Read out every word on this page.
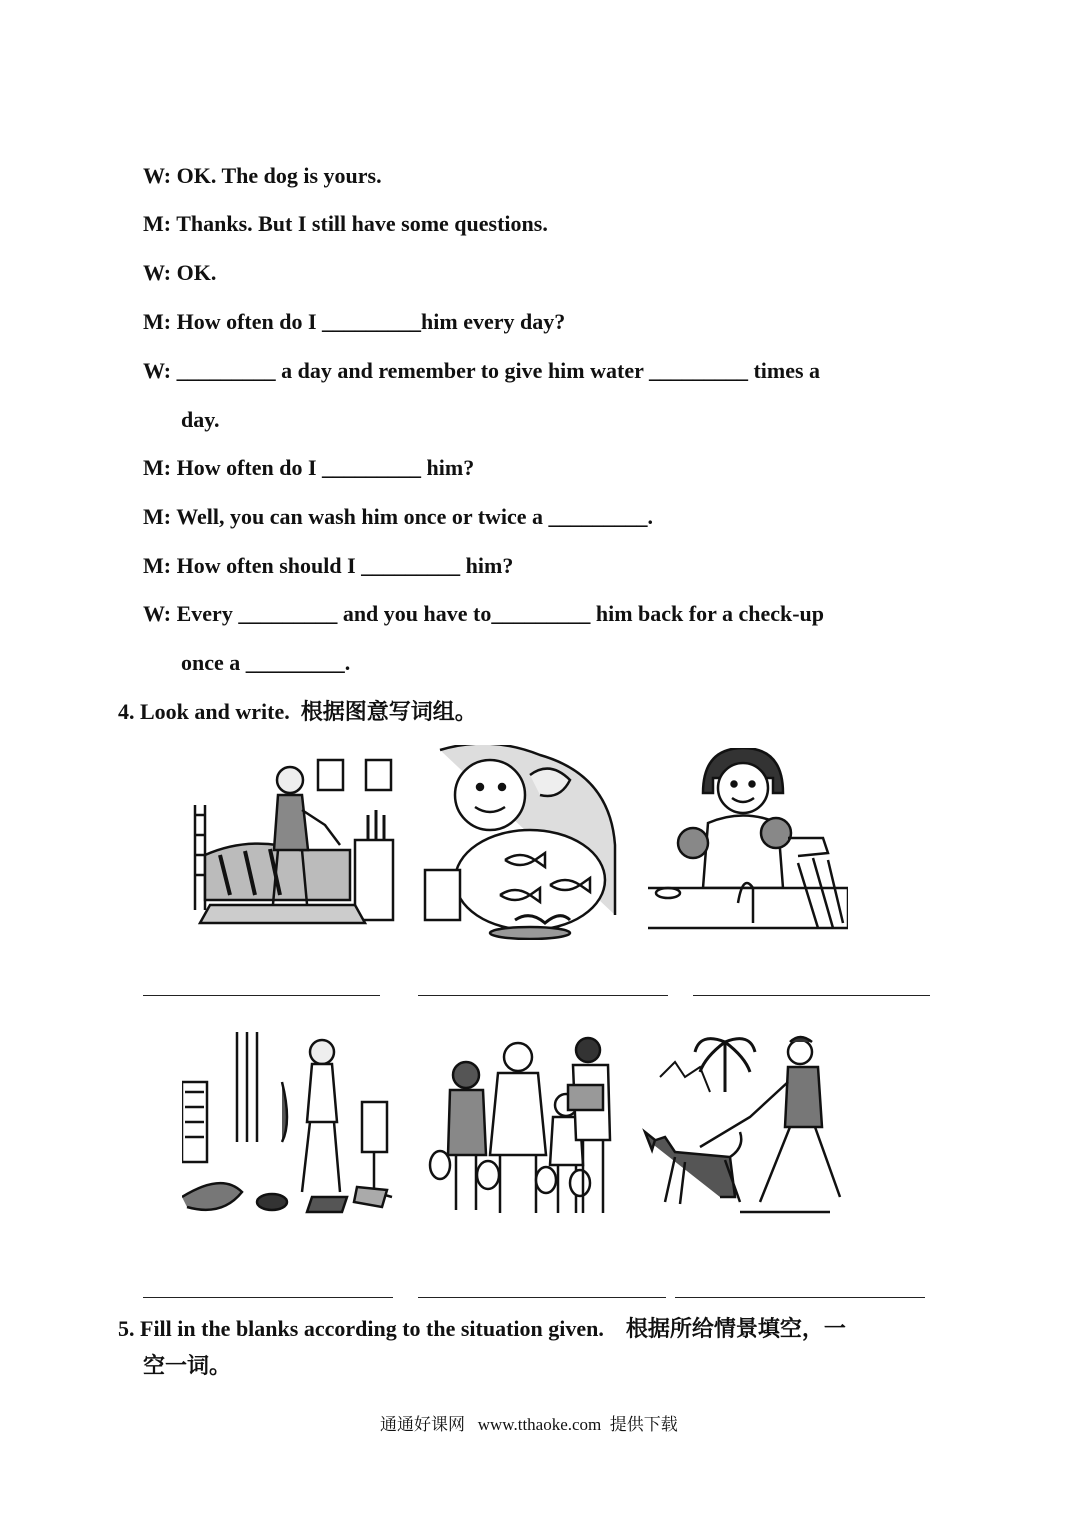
W: OK. The dog is yours.
M: Thanks. But I still have some questions.
W: OK.
M: How often do I _________him every day?
W: _________ a day and remember to give him water _________ times a
day.
M: How often do I _________ him?
M: Well, you can wash him once or twice a _________.
M: How often should I _________ him?
W: Every _________ and you have to_________ him back for a check-up
once a _________.
4. Look and write.  根据图意写词组。
5. Fill in the blanks according to the situation given.    根据所给情景填空，一
空一词。
通通好课网   www.tthaoke.com  提供下载
